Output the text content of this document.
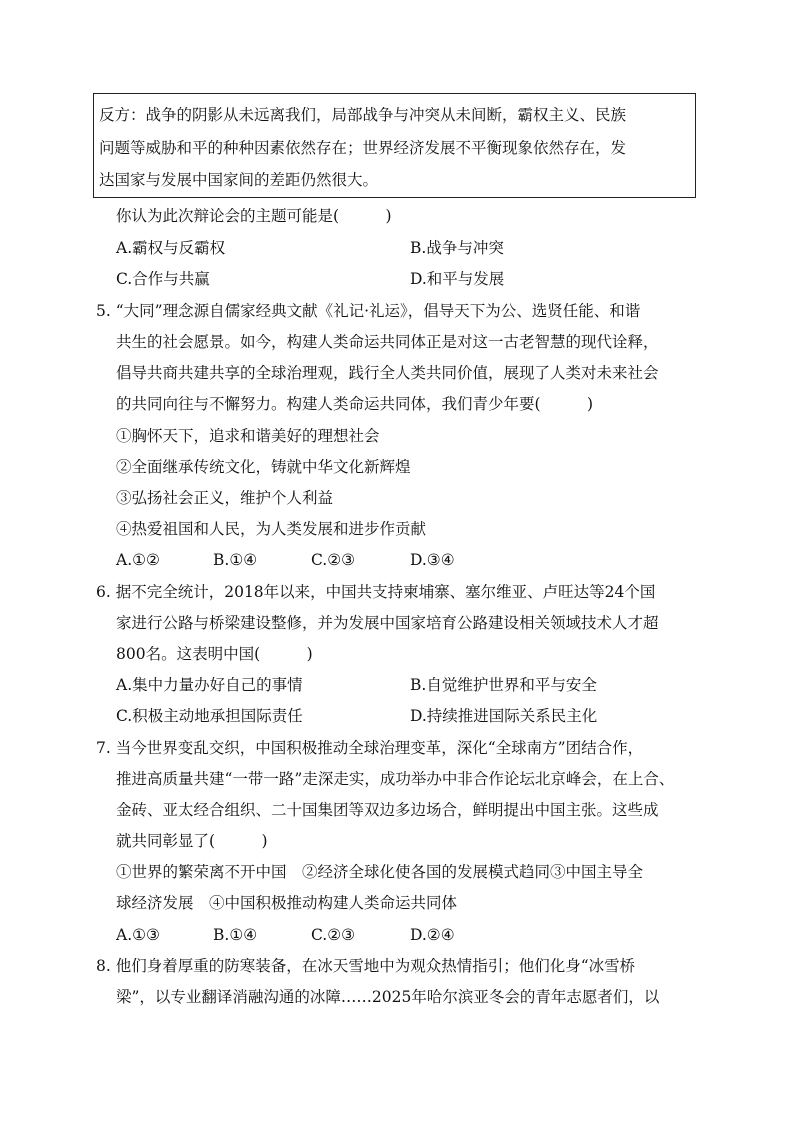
反方：战争的阴影从未远离我们，局部战争与冲突从未间断，霸权主义、民族
问题等威胁和平的种种因素依然存在；世界经济发展不平衡现象依然存在，发
达国家与发展中国家间的差距仍然很大。
你认为此次辩论会的主题可能是(　　　)
A.霸权与反霸权	B.战争与冲突
C.合作与共赢	D.和平与发展
5. “大同”理念源自儒家经典文献《礼记·礼运》，倡导天下为公、选贤任能、和谐
共生的社会愿景。如今，构建人类命运共同体正是对这一古老智慧的现代诠释，
倡导共商共建共享的全球治理观，践行全人类共同价值，展现了人类对未来社会
的共同向往与不懈努力。构建人类命运共同体，我们青少年要(　　　)
①胸怀天下，追求和谐美好的理想社会
②全面继承传统文化，铸就中华文化新辉煌
③弘扬社会正义，维护个人利益
④热爱祖国和人民，为人类发展和进步作贡献
A.①②	B.①④	C.②③	D.③④
6. 据不完全统计，2018年以来，中国共支持柬埔寨、塞尔维亚、卢旺达等24个国
家进行公路与桥梁建设整修，并为发展中国家培育公路建设相关领域技术人才超
800名。这表明中国(　　　)
A.集中力量办好自己的事情	B.自觉维护世界和平与安全
C.积极主动地承担国际责任	D.持续推进国际关系民主化
7. 当今世界变乱交织，中国积极推动全球治理变革，深化“全球南方”团结合作，
推进高质量共建“一带一路”走深走实，成功举办中非合作论坛北京峰会，在上合、
金砖、亚太经合组织、二十国集团等双边多边场合，鲜明提出中国主张。这些成
就共同彰显了(　　　)
①世界的繁荣离不开中国　②经济全球化使各国的发展模式趋同③中国主导全
球经济发展　④中国积极推动构建人类命运共同体
A.①③	B.①④	C.②③	D.②④
8. 他们身着厚重的防寒装备，在冰天雪地中为观众热情指引；他们化身“冰雪桥
梁”，以专业翻译消融沟通的冰障……2025年哈尔滨亚冬会的青年志愿者们，以
